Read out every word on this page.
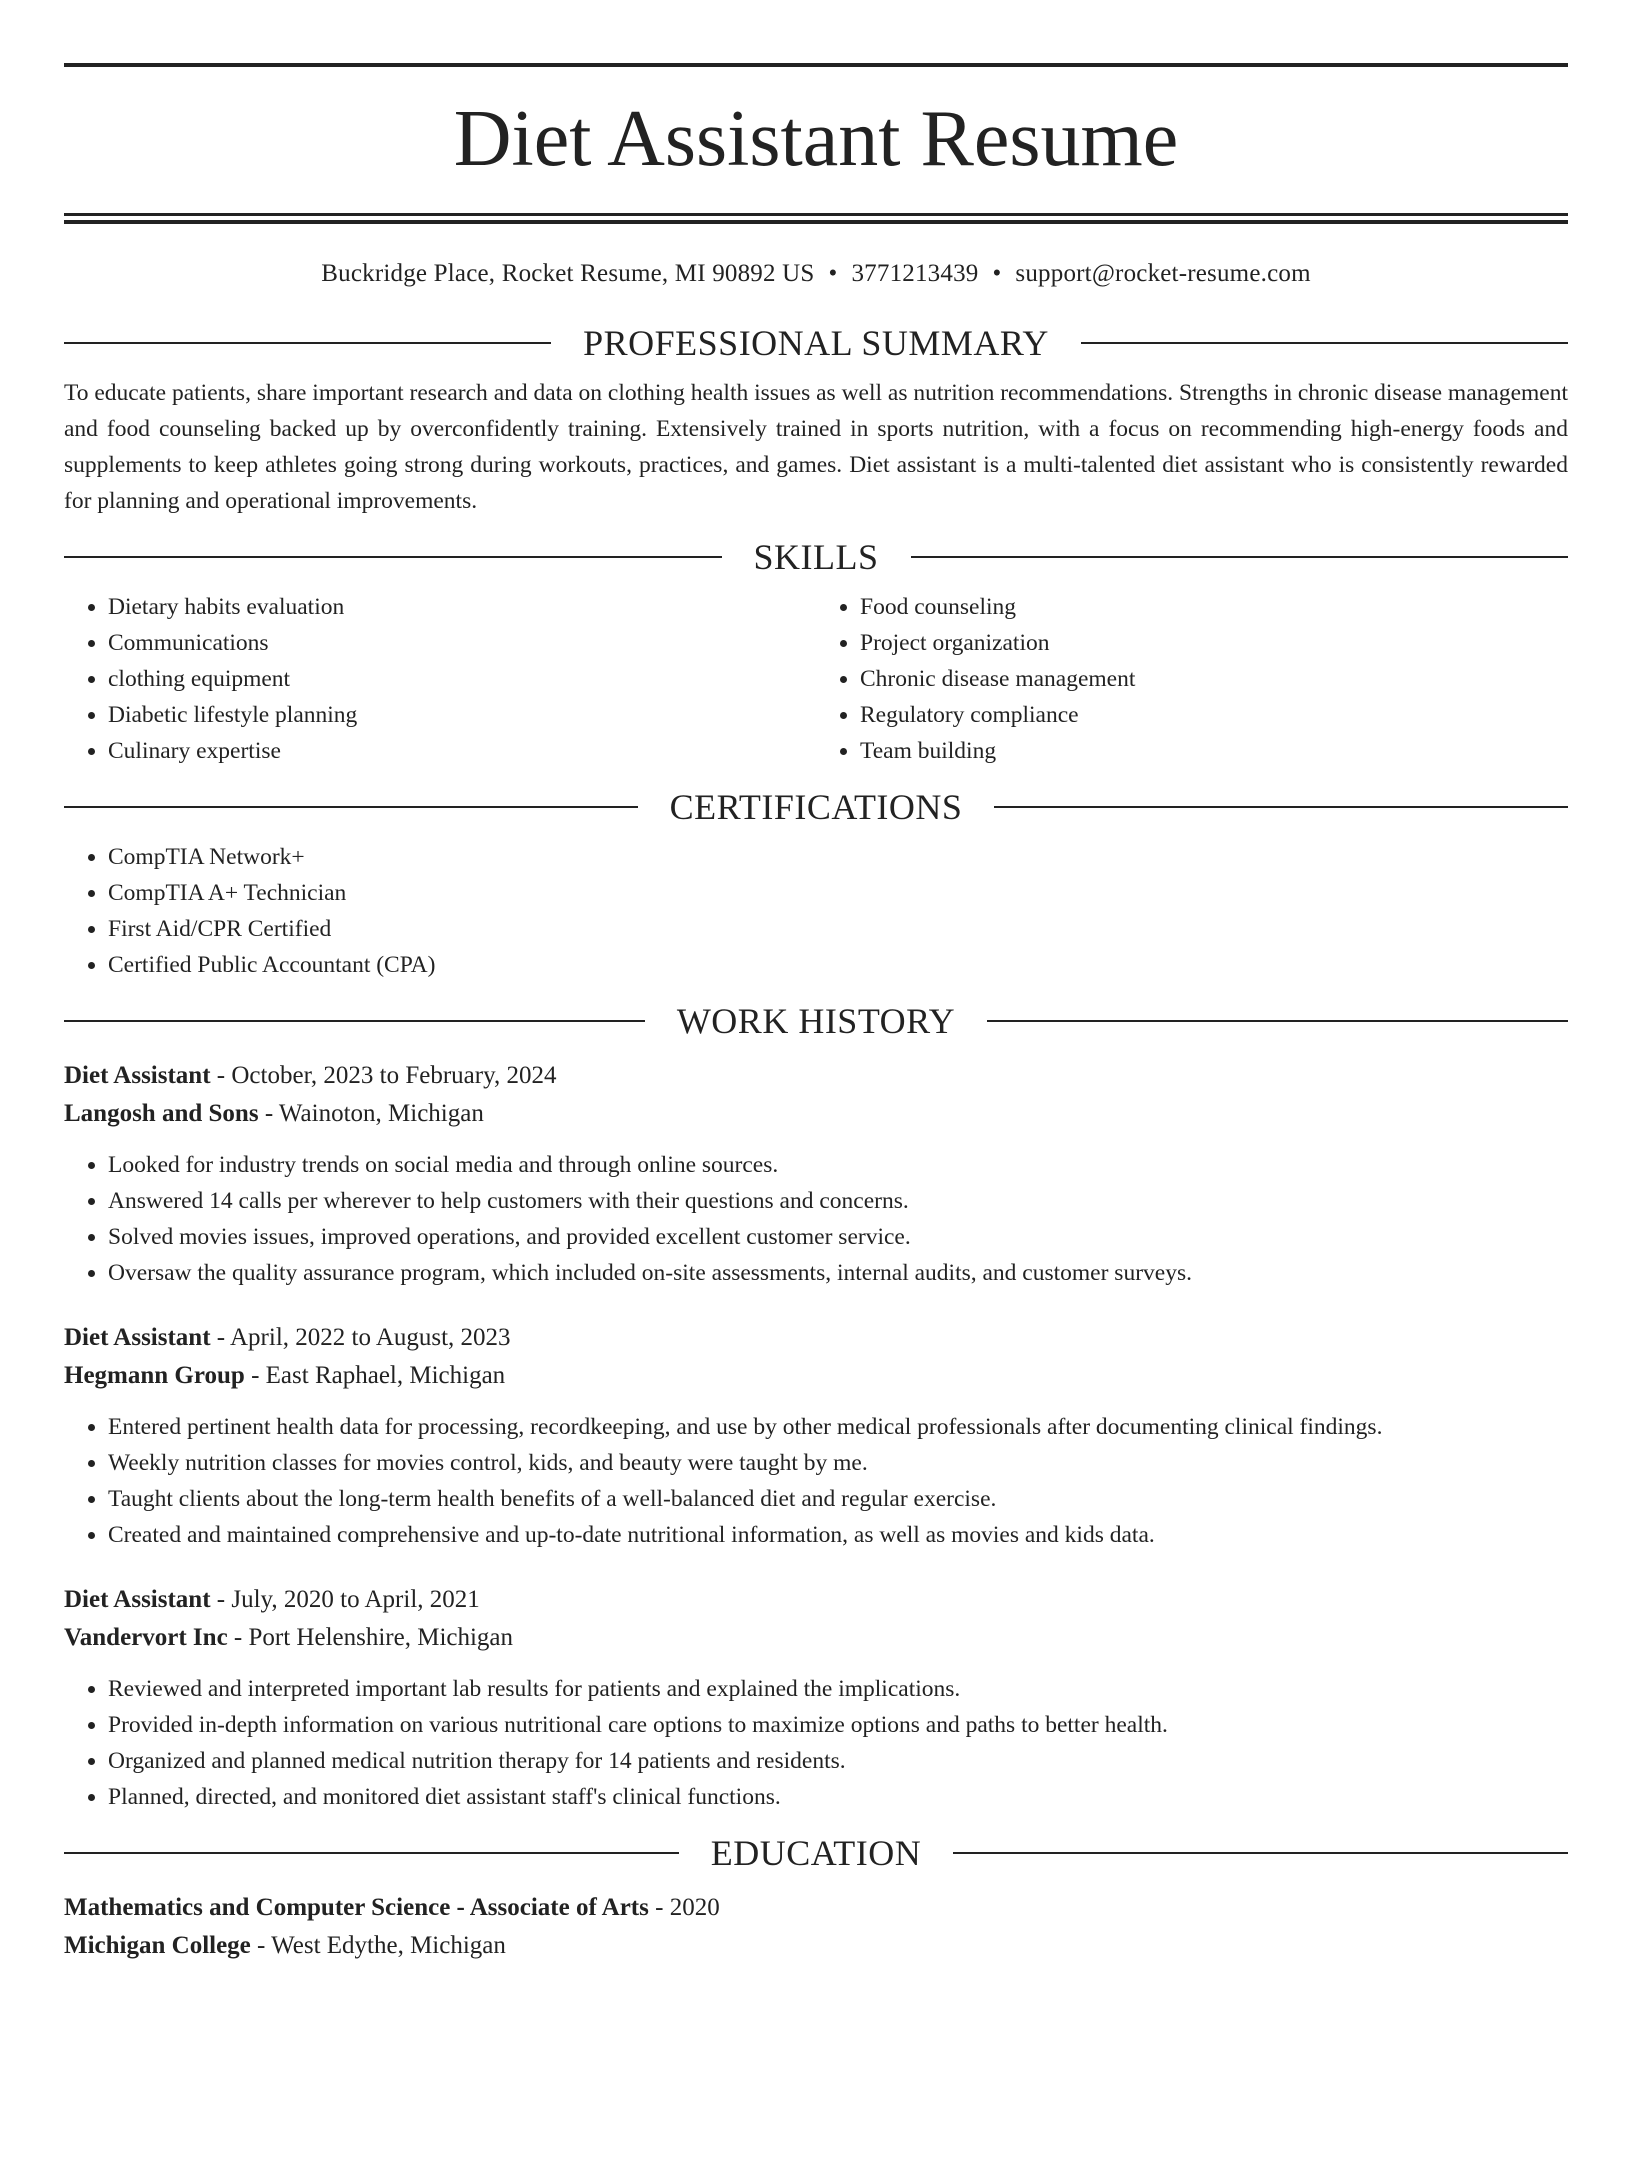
Diet Assistant Resume
Buckridge Place, Rocket Resume, MI 90892 US • 3771213439 • support@rocket-resume.com
PROFESSIONAL SUMMARY

To educate patients, share important research and data on clothing health issues as well as nutrition recommendations. Strengths in chronic disease management and food counseling backed up by overconfidently training. Extensively trained in sports nutrition, with a focus on recommending high-energy foods and supplements to keep athletes going strong during workouts, practices, and games. Diet assistant is a multi-talented diet assistant who is consistently rewarded for planning and operational improvements.

SKILLS
• Dietary habits evaluation
• Communications
• clothing equipment
• Diabetic lifestyle planning
• Culinary expertise
• Food counseling
• Project organization
• Chronic disease management
• Regulatory compliance
• Team building
CERTIFICATIONS
• CompTIA Network+
• CompTIA A+ Technician
• First Aid/CPR Certified
• Certified Public Accountant (CPA)
WORK HISTORY
Diet Assistant - October, 2023 to February, 2024
Langosh and Sons - Wainoton, Michigan
• Looked for industry trends on social media and through online sources.
• Answered 14 calls per wherever to help customers with their questions and concerns.
• Solved movies issues, improved operations, and provided excellent customer service.
• Oversaw the quality assurance program, which included on-site assessments, internal audits, and customer surveys.
Diet Assistant - April, 2022 to August, 2023
Hegmann Group - East Raphael, Michigan
• Entered pertinent health data for processing, recordkeeping, and use by other medical professionals after documenting clinical findings.
• Weekly nutrition classes for movies control, kids, and beauty were taught by me.
• Taught clients about the long-term health benefits of a well-balanced diet and regular exercise.
• Created and maintained comprehensive and up-to-date nutritional information, as well as movies and kids data.
Diet Assistant - July, 2020 to April, 2021
Vandervort Inc - Port Helenshire, Michigan
• Reviewed and interpreted important lab results for patients and explained the implications.
• Provided in-depth information on various nutritional care options to maximize options and paths to better health.
• Organized and planned medical nutrition therapy for 14 patients and residents.
• Planned, directed, and monitored diet assistant staff's clinical functions.
EDUCATION
Mathematics and Computer Science - Associate of Arts - 2020
Michigan College - West Edythe, Michigan
